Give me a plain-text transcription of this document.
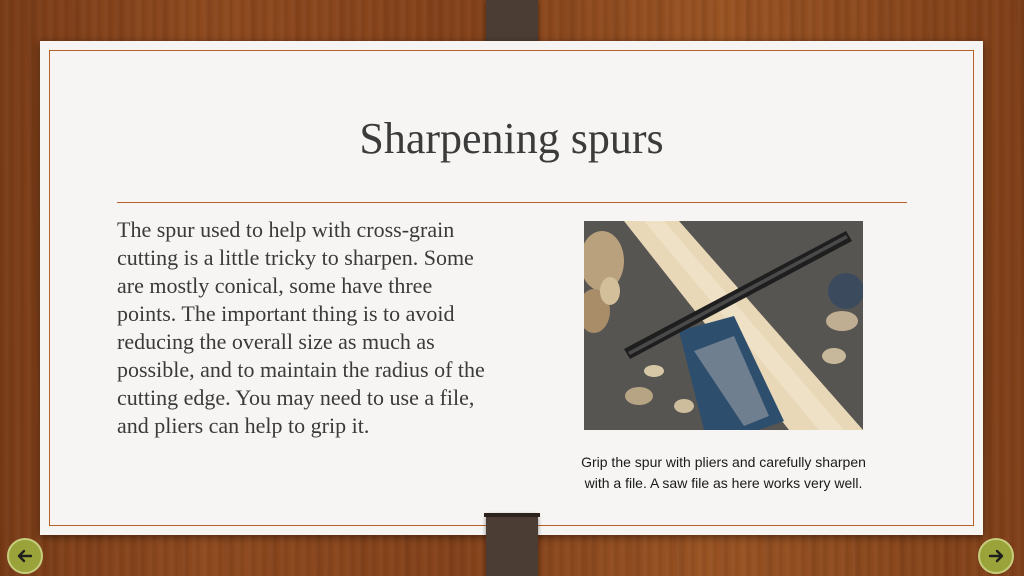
Sharpening spurs
The spur used to help with cross-grain cutting is a little tricky to sharpen. Some are mostly conical, some have three points. The important thing is to avoid reducing the overall size as much as possible, and to maintain the radius of the cutting edge. You may need to use a file, and pliers can help to grip it.
Grip the spur with pliers and carefully sharpen with a file. A saw file as here works very well.
